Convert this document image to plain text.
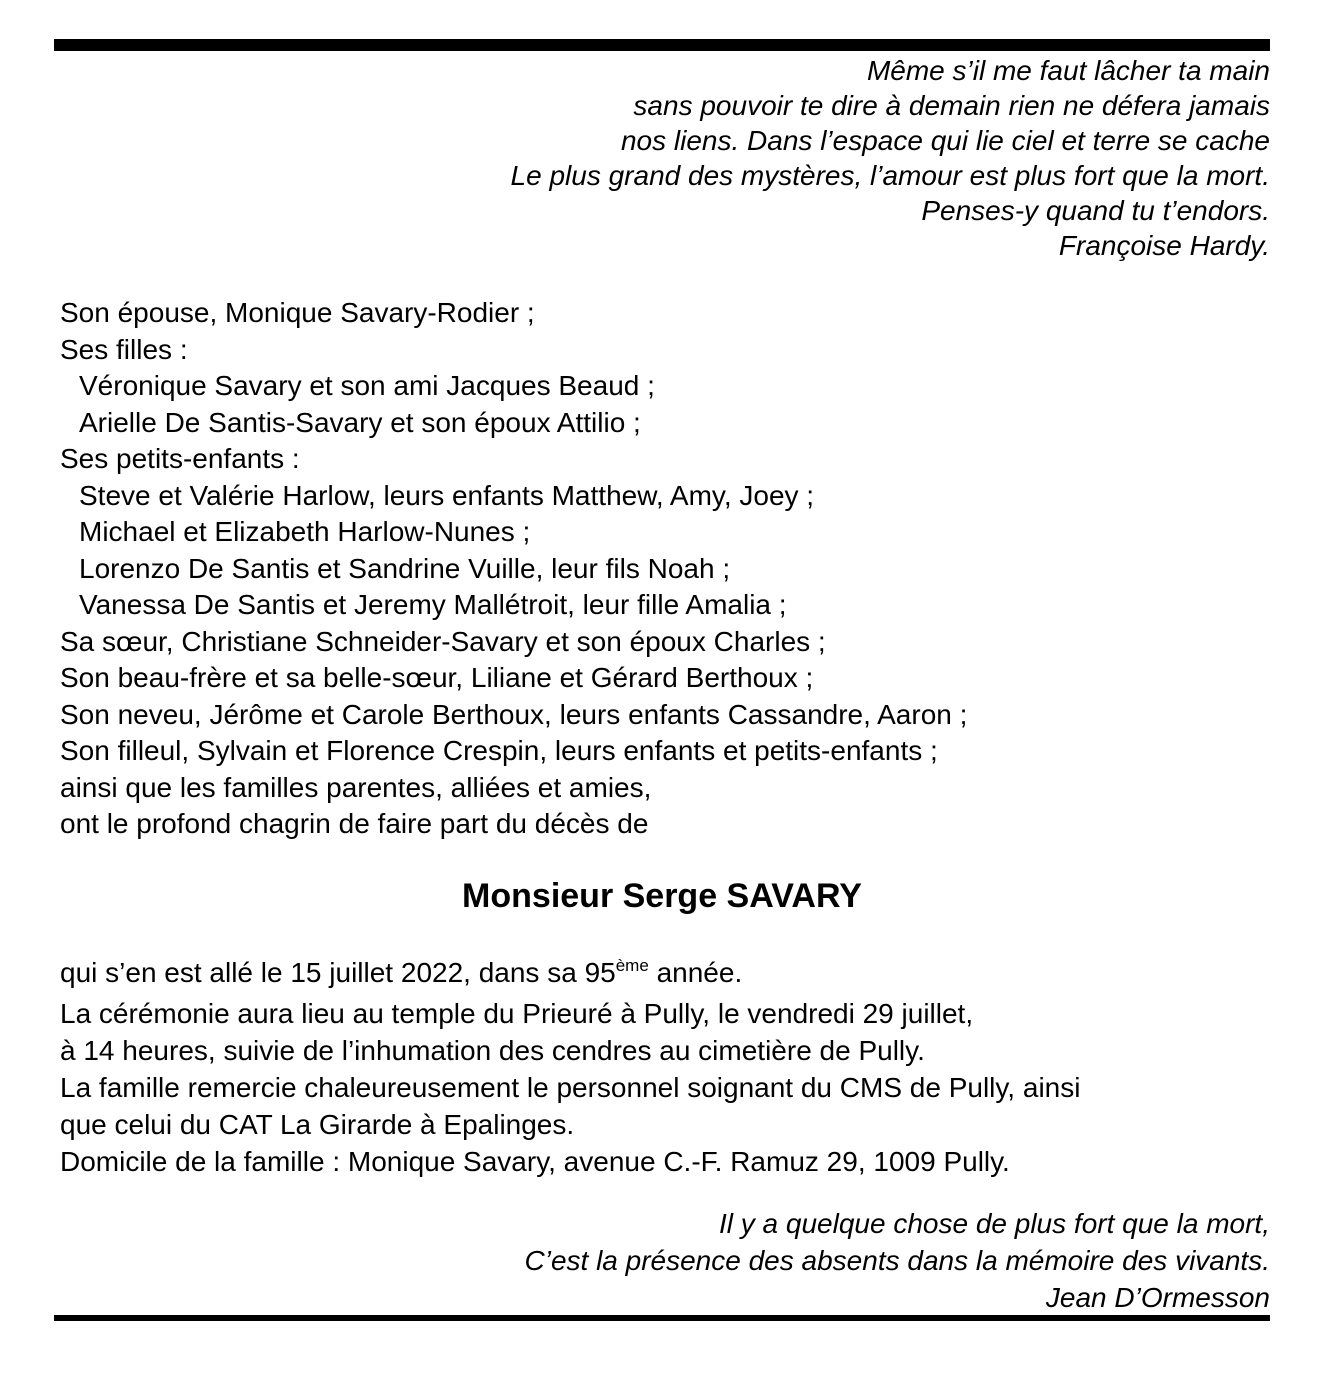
Même s’il me faut lâcher ta main
sans pouvoir te dire à demain rien ne défera jamais
nos liens. Dans l’espace qui lie ciel et terre se cache
Le plus grand des mystères, l’amour est plus fort que la mort.
Penses-y quand tu t’endors.
Françoise Hardy.
Son épouse, Monique Savary-Rodier ;
Ses filles :
Véronique Savary et son ami Jacques Beaud ;
Arielle De Santis-Savary et son époux Attilio ;
Ses petits-enfants :
Steve et Valérie Harlow, leurs enfants Matthew, Amy, Joey ;
Michael et Elizabeth Harlow-Nunes ;
Lorenzo De Santis et Sandrine Vuille, leur fils Noah ;
Vanessa De Santis et Jeremy Mallétroit, leur fille Amalia ;
Sa sœur, Christiane Schneider-Savary et son époux Charles ;
Son beau-frère et sa belle-sœur, Liliane et Gérard Berthoux ;
Son neveu, Jérôme et Carole Berthoux, leurs enfants Cassandre, Aaron ;
Son filleul, Sylvain et Florence Crespin, leurs enfants et petits-enfants ;
ainsi que les familles parentes, alliées et amies,
ont le profond chagrin de faire part du décès de
Monsieur Serge SAVARY
qui s’en est allé le 15 juillet 2022, dans sa 95ème année.
La cérémonie aura lieu au temple du Prieuré à Pully, le vendredi 29 juillet,
à 14 heures, suivie de l’inhumation des cendres au cimetière de Pully.
La famille remercie chaleureusement le personnel soignant du CMS de Pully, ainsi
que celui du CAT La Girarde à Epalinges.
Domicile de la famille : Monique Savary, avenue C.-F. Ramuz 29, 1009 Pully.
Il y a quelque chose de plus fort que la mort,
C’est la présence des absents dans la mémoire des vivants.
Jean D’Ormesson
